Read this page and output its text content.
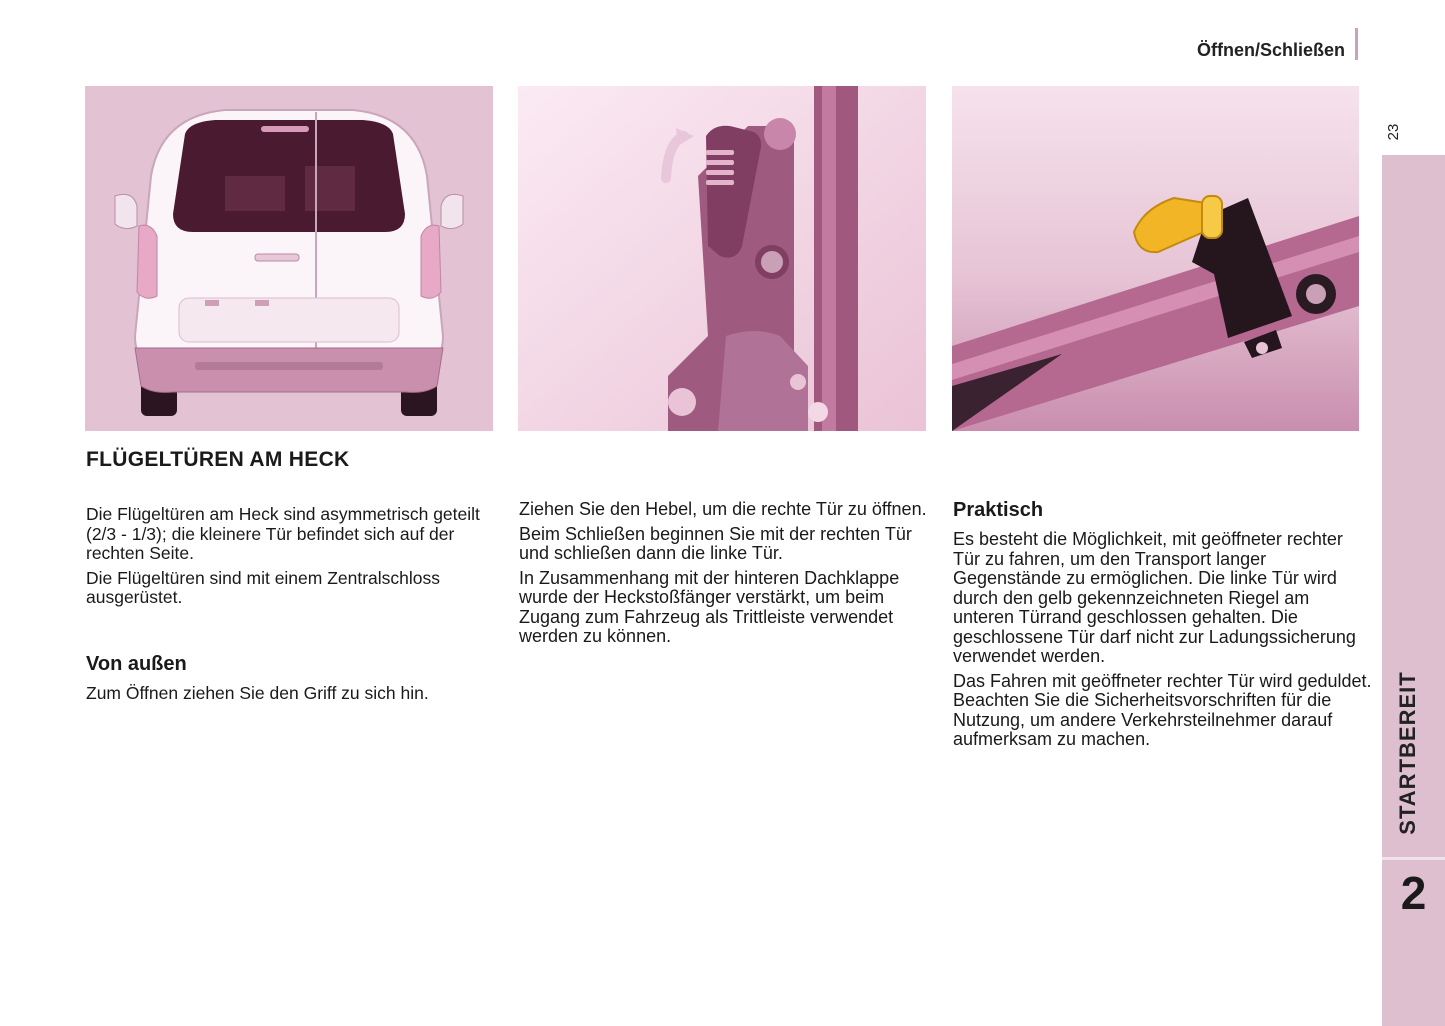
Öffnen/Schließen
23
STARTBEREIT
2
FLÜGELTÜREN AM HECK

Die Flügeltüren am Heck sind asymmetrisch geteilt (2/3 - 1/3); die kleinere Tür befindet sich auf der rechten Seite.

Die Flügeltüren sind mit einem Zentralschloss ausgerüstet.

Von außen

Zum Öffnen ziehen Sie den Griff zu sich hin.

Ziehen Sie den Hebel, um die rechte Tür zu öffnen.

Beim Schließen beginnen Sie mit der rechten Tür und schließen dann die linke Tür.

In Zusammenhang mit der hinteren Dachklappe wurde der Heckstoßfänger verstärkt, um beim Zugang zum Fahrzeug als Trittleiste verwendet werden zu können.

Praktisch

Es besteht die Möglichkeit, mit geöffneter rechter Tür zu fahren, um den Transport langer Gegenstände zu ermöglichen. Die linke Tür wird durch den gelb gekennzeichneten Riegel am unteren Türrand geschlossen gehalten. Die geschlossene Tür darf nicht zur Ladungssicherung verwendet werden.

Das Fahren mit geöffneter rechter Tür wird geduldet. Beachten Sie die Sicherheitsvorschriften für die Nutzung, um andere Verkehrsteilnehmer darauf aufmerksam zu machen.
